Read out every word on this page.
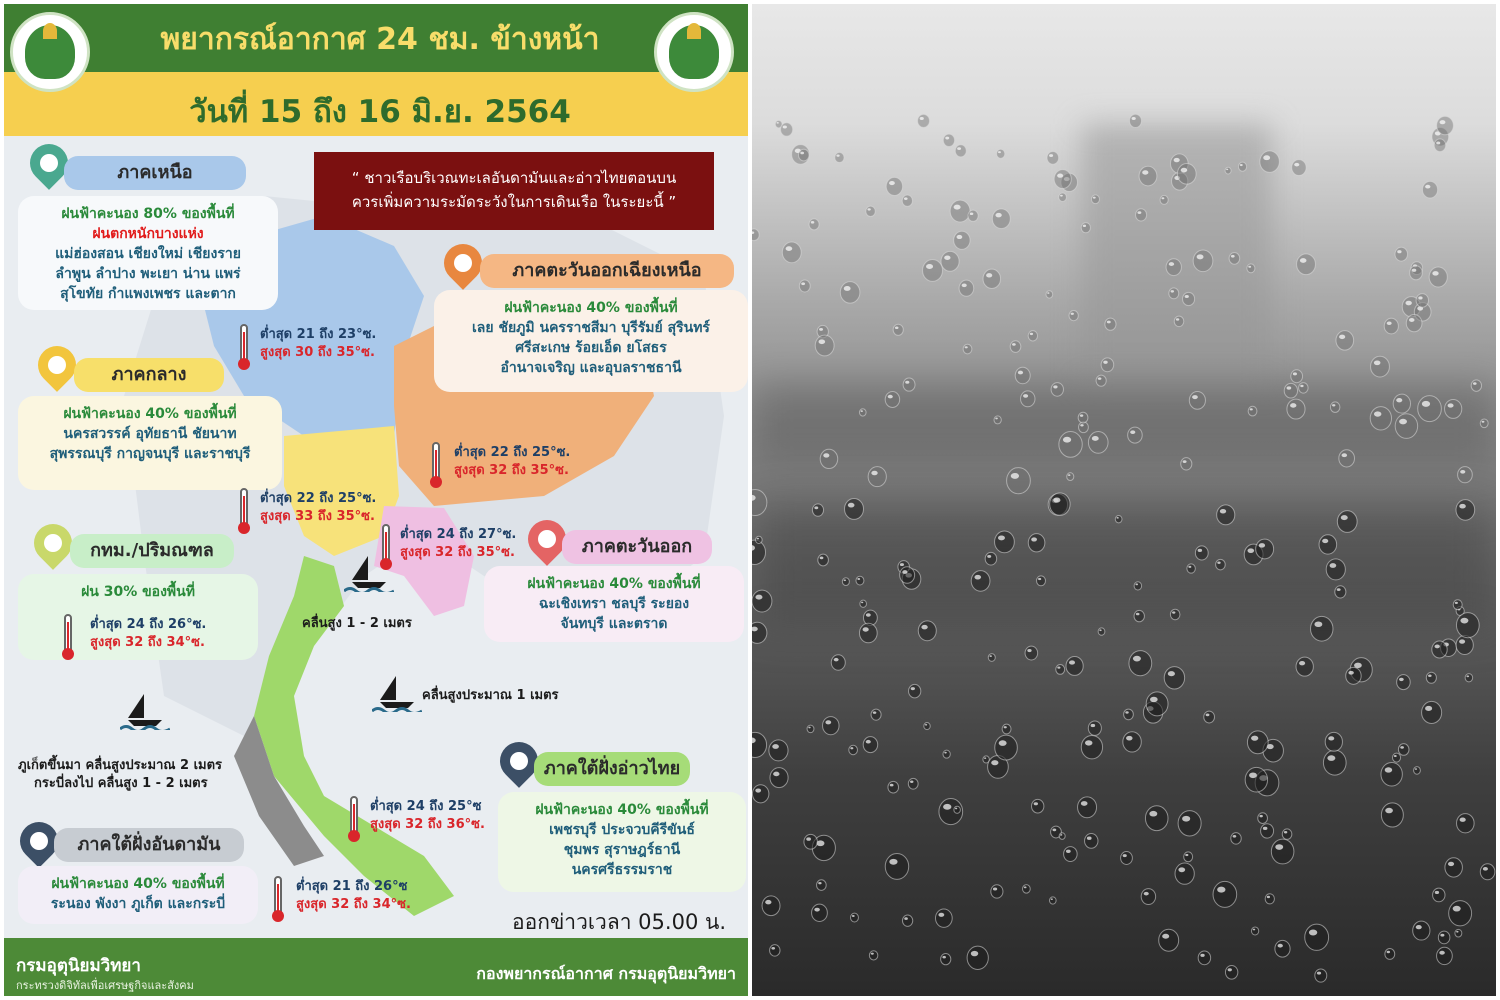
พยากรณ์อากาศ 24 ชม. ข้างหน้า
วันที่ 15 ถึง 16 มิ.ย. 2564
“ ชาวเรือบริเวณทะเลอันดามันและอ่าวไทยตอนบน
ควรเพิ่มความระมัดระวังในการเดินเรือ ในระยะนี้ ”
ภาคเหนือ
ฝนฟ้าคะนอง 80% ของพื้นที่
ฝนตกหนักบางแห่ง
แม่ฮ่องสอน เชียงใหม่ เชียงราย
ลำพูน ลำปาง พะเยา น่าน แพร่
สุโขทัย กำแพงเพชร และตาก
ต่ำสุด 21 ถึง 23°ซ.
สูงสุด 30 ถึง 35°ซ.
ภาคตะวันออกเฉียงเหนือ
ฝนฟ้าคะนอง 40% ของพื้นที่
เลย ชัยภูมิ นครราชสีมา บุรีรัมย์ สุรินทร์
ศรีสะเกษ ร้อยเอ็ด ยโสธร
อำนาจเจริญ และอุบลราชธานี
ต่ำสุด 22 ถึง 25°ซ.
สูงสุด 32 ถึง 35°ซ.
ภาคกลาง
ฝนฟ้าคะนอง 40% ของพื้นที่
นครสวรรค์ อุทัยธานี ชัยนาท
สุพรรณบุรี กาญจนบุรี และราชบุรี
ต่ำสุด 22 ถึง 25°ซ.
สูงสุด 33 ถึง 35°ซ.
ต่ำสุด 24 ถึง 27°ซ.
สูงสุด 32 ถึง 35°ซ.	ภาคตะวันออก
ฝนฟ้าคะนอง 40% ของพื้นที่
ฉะเชิงเทรา ชลบุรี ระยอง
จันทบุรี และตราด
กทม./ปริมณฑล
ฝน 30% ของพื้นที่
ต่ำสุด 24 ถึง 26°ซ.
สูงสุด 32 ถึง 34°ซ.
คลื่นสูง 1 - 2 เมตร
คลื่นสูงประมาณ 1 เมตร
ภูเก็ตขึ้นมา คลื่นสูงประมาณ 2 เมตร
กระบี่ลงไป คลื่นสูง 1 - 2 เมตร
ภาคใต้ฝั่งอ่าวไทย
ฝนฟ้าคะนอง 40% ของพื้นที่
เพชรบุรี ประจวบคีรีขันธ์
ชุมพร สุราษฎร์ธานี
นครศรีธรรมราช
ต่ำสุด 24 ถึง 25°ซ
สูงสุด 32 ถึง 36°ซ.
ภาคใต้ฝั่งอันดามัน
ฝนฟ้าคะนอง 40% ของพื้นที่
ระนอง พังงา ภูเก็ต และกระบี่
ต่ำสุด 21 ถึง 26°ซ
สูงสุด 32 ถึง 34°ซ.
ออกข่าวเวลา 05.00 น.
กรมอุตุนิยมวิทยา
กระทรวงดิจิทัลเพื่อเศรษฐกิจและสังคม
กองพยากรณ์อากาศ กรมอุตุนิยมวิทยา
